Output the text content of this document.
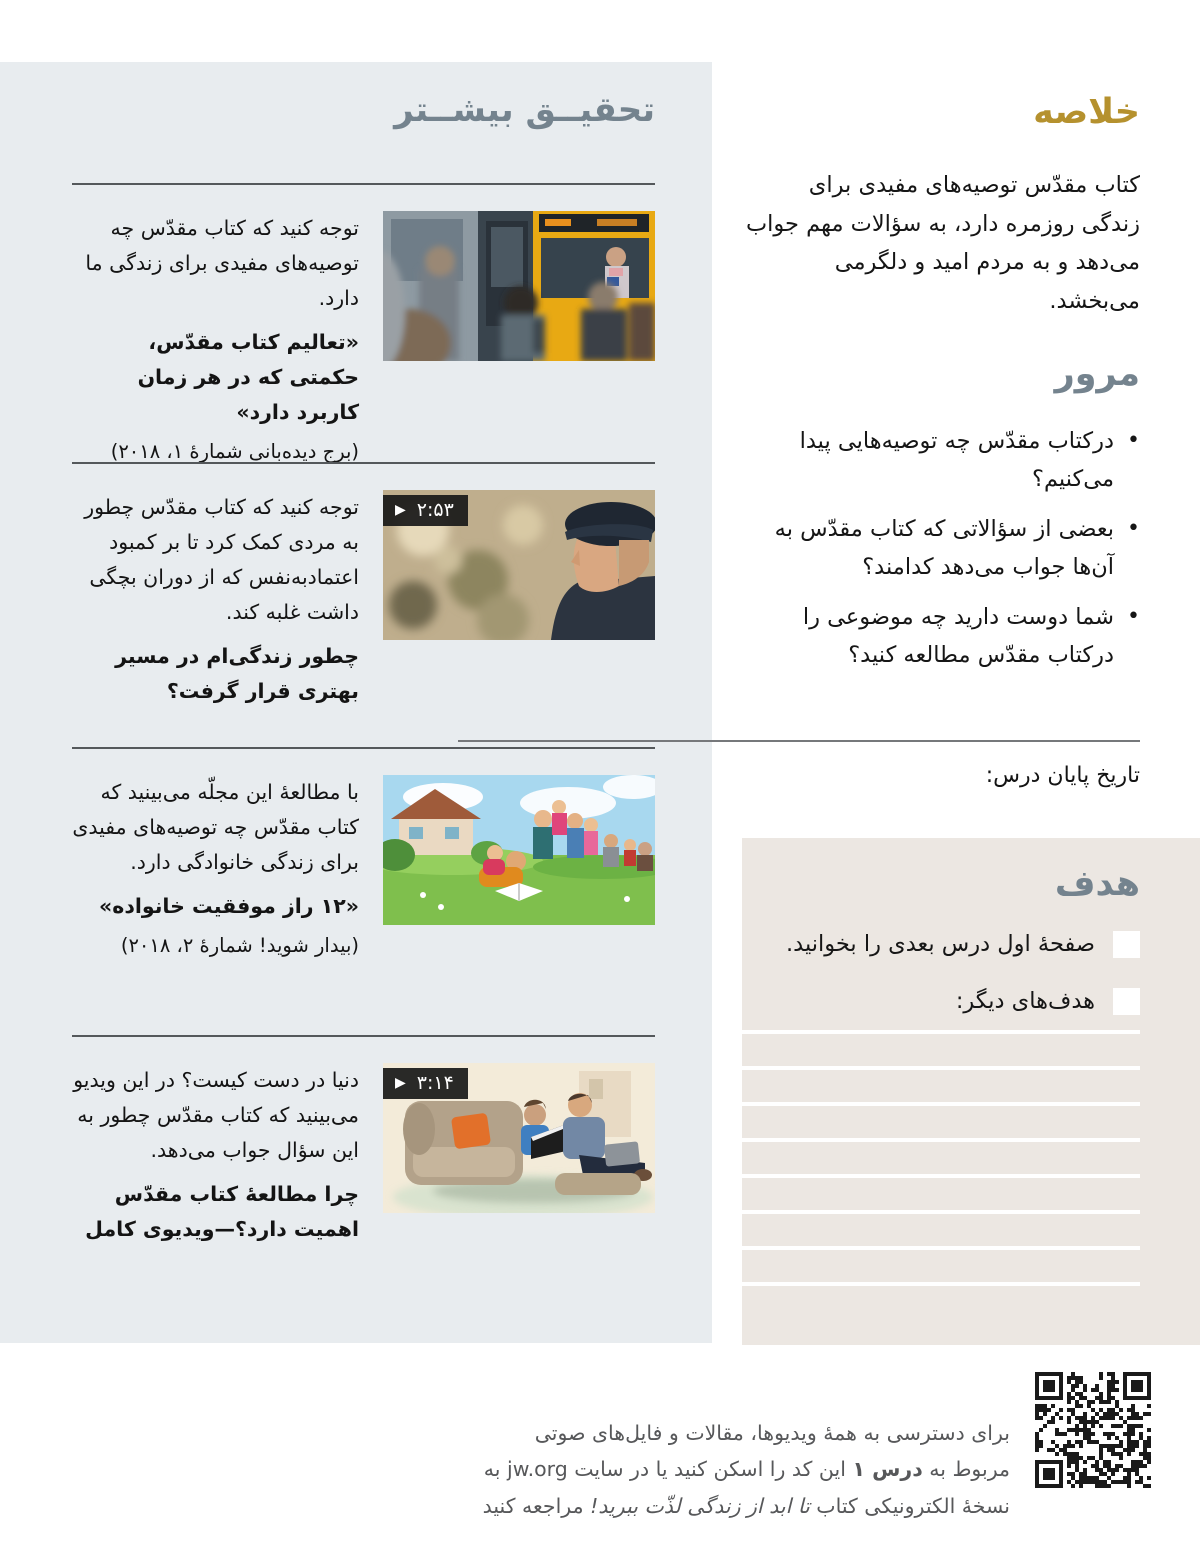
تحقیــق بیشــتر

توجه کنید که کتاب مقدّس چه توصیه‌های مفیدی برای زندگی ما دارد.

«تعالیم کتاب مقدّس، حکمتی که در هر زمان کاربرد دارد»

(برج دیده‌بانی شمارهٔ ۱، ۲۰۱۸)

▶ ۲:۵۳

توجه کنید که کتاب مقدّس چطور به مردی کمک کرد تا بر کمبود اعتمادبه‌نفس که از دوران بچگی داشت غلبه کند.

چطور زندگی‌ام در مسیر بهتری قرار گرفت؟

با مطالعهٔ این مجلّه می‌بینید که کتاب مقدّس چه توصیه‌های مفیدی برای زندگی خانوادگی دارد.

«۱۲ راز موفقیت خانواده»

(بیدار شوید! شمارهٔ ۲، ۲۰۱۸)

▶ ۳:۱۴

دنیا در دست کیست؟ در این ویدیو می‌بینید که کتاب مقدّس چطور به این سؤال جواب می‌دهد.

چرا مطالعهٔ کتاب مقدّس اهمیت دارد؟—ویدیوی کامل

خلاصه

کتاب مقدّس توصیه‌های مفیدی برای زندگی روزمره دارد، به سؤالات مهم جواب می‌دهد و به مردم امید و دلگرمی می‌بخشد.

مرور
• درکتاب مقدّس چه توصیه‌هایی پیدا می‌کنیم؟
• بعضی از سؤالاتی که کتاب مقدّس به آن‌ها جواب می‌دهد کدامند؟
• شما دوست دارید چه موضوعی را درکتاب مقدّس مطالعه کنید؟
تاریخ پایان درس:
هدف
صفحهٔ اول درس بعدی را بخوانید.
هدف‌های دیگر:

برای دسترسی به همهٔ ویدیوها، مقالات و فایل‌های صوتی مربوط به درس ۱ این کد را اسکن کنید یا در سایت jw.org به نسخهٔ الکترونیکی کتاب تا ابد از زندگی لذّت ببرید! مراجعه کنید
